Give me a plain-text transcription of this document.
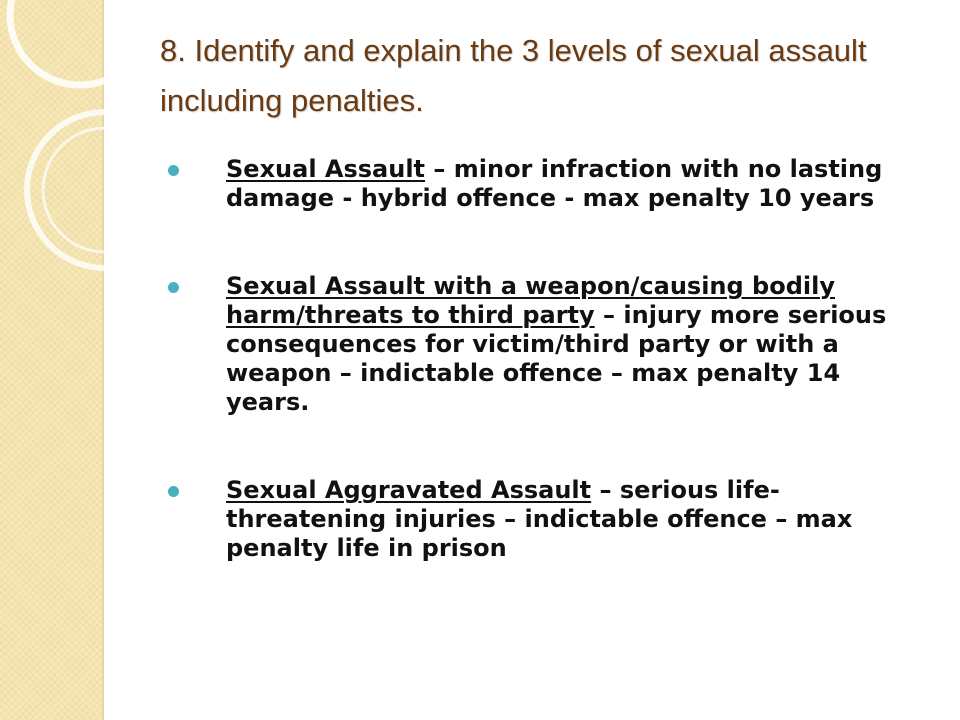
8. Identify and explain the 3 levels of sexual assault including penalties.
Sexual Assault – minor infraction with no lasting damage - hybrid offence - max penalty 10 years
Sexual Assault with a weapon/causing bodily harm/threats to third party – injury more serious consequences for victim/third party or with a weapon – indictable offence – max penalty 14 years.
Sexual Aggravated Assault – serious life-threatening injuries – indictable offence – max penalty life in prison
